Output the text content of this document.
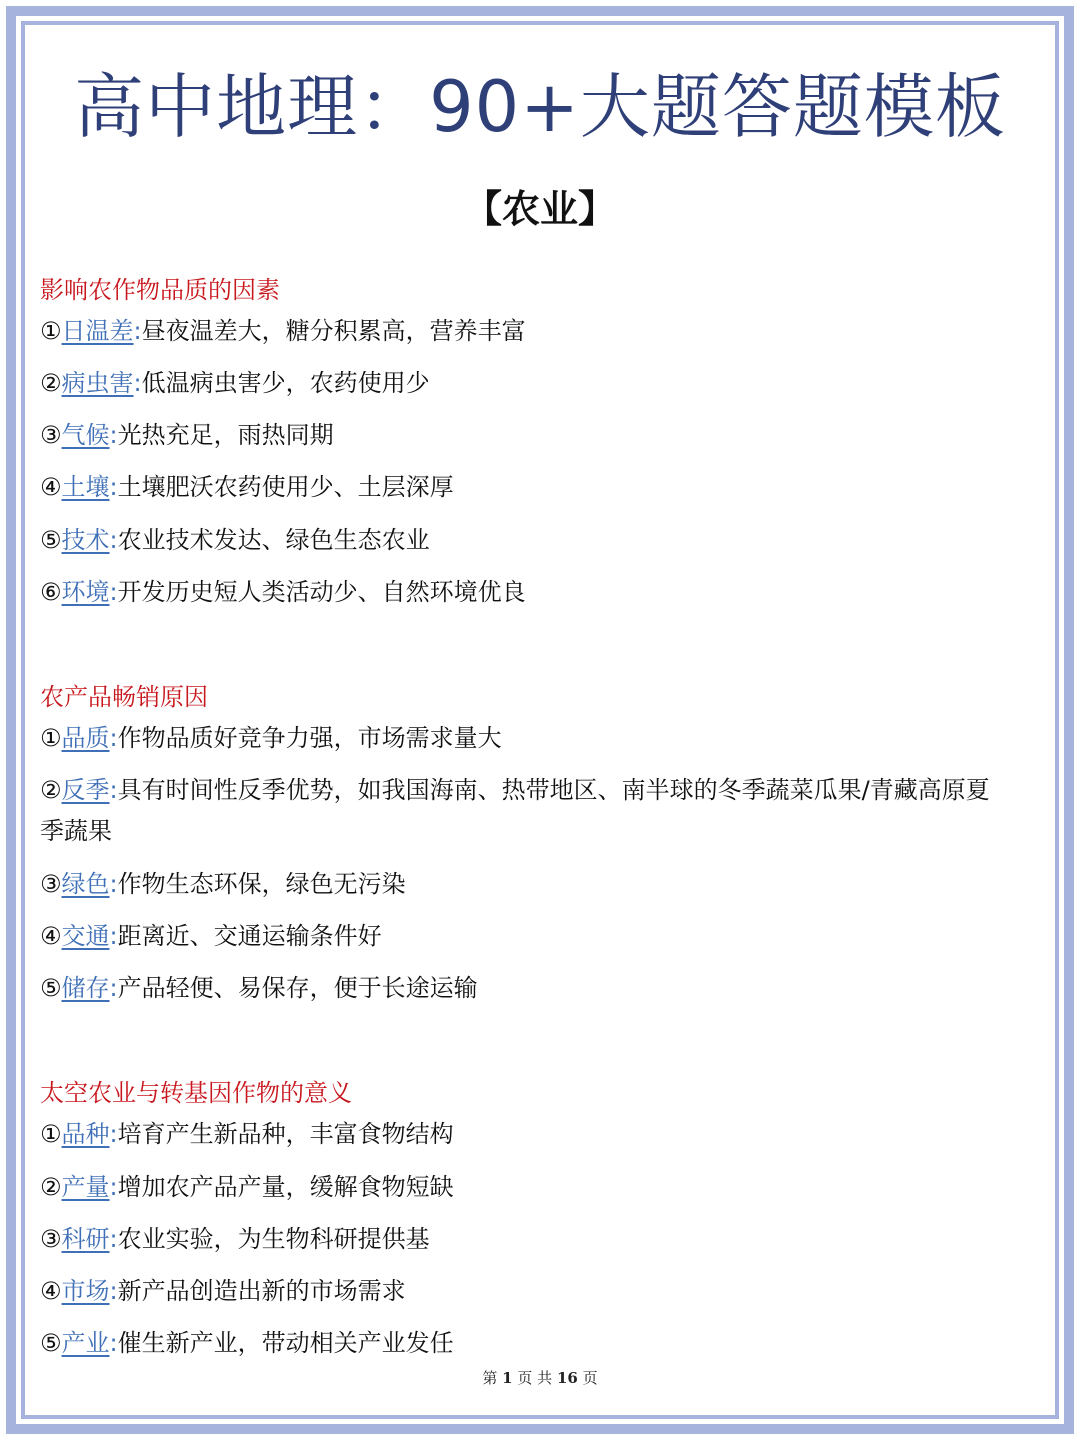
高中地理：90+大题答题模板
【农业】
影响农作物品质的因素
①日温差:昼夜温差大，糖分积累高，营养丰富
②病虫害:低温病虫害少，农药使用少
③气候:光热充足，雨热同期
④土壤:土壤肥沃农药使用少、土层深厚
⑤技术:农业技术发达、绿色生态农业
⑥环境:开发历史短人类活动少、自然环境优良
农产品畅销原因
①品质:作物品质好竞争力强，市场需求量大
②反季:具有时间性反季优势，如我国海南、热带地区、南半球的冬季蔬菜瓜果/青藏高原夏季蔬果
③绿色:作物生态环保，绿色无污染
④交通:距离近、交通运输条件好
⑤储存:产品轻便、易保存，便于长途运输
太空农业与转基因作物的意义
①品种:培育产生新品种，丰富食物结构
②产量:增加农产品产量，缓解食物短缺
③科研:农业实验，为生物科研提供基
④市场:新产品创造出新的市场需求
⑤产业:催生新产业，带动相关产业发任
第 1 页 共 16 页
